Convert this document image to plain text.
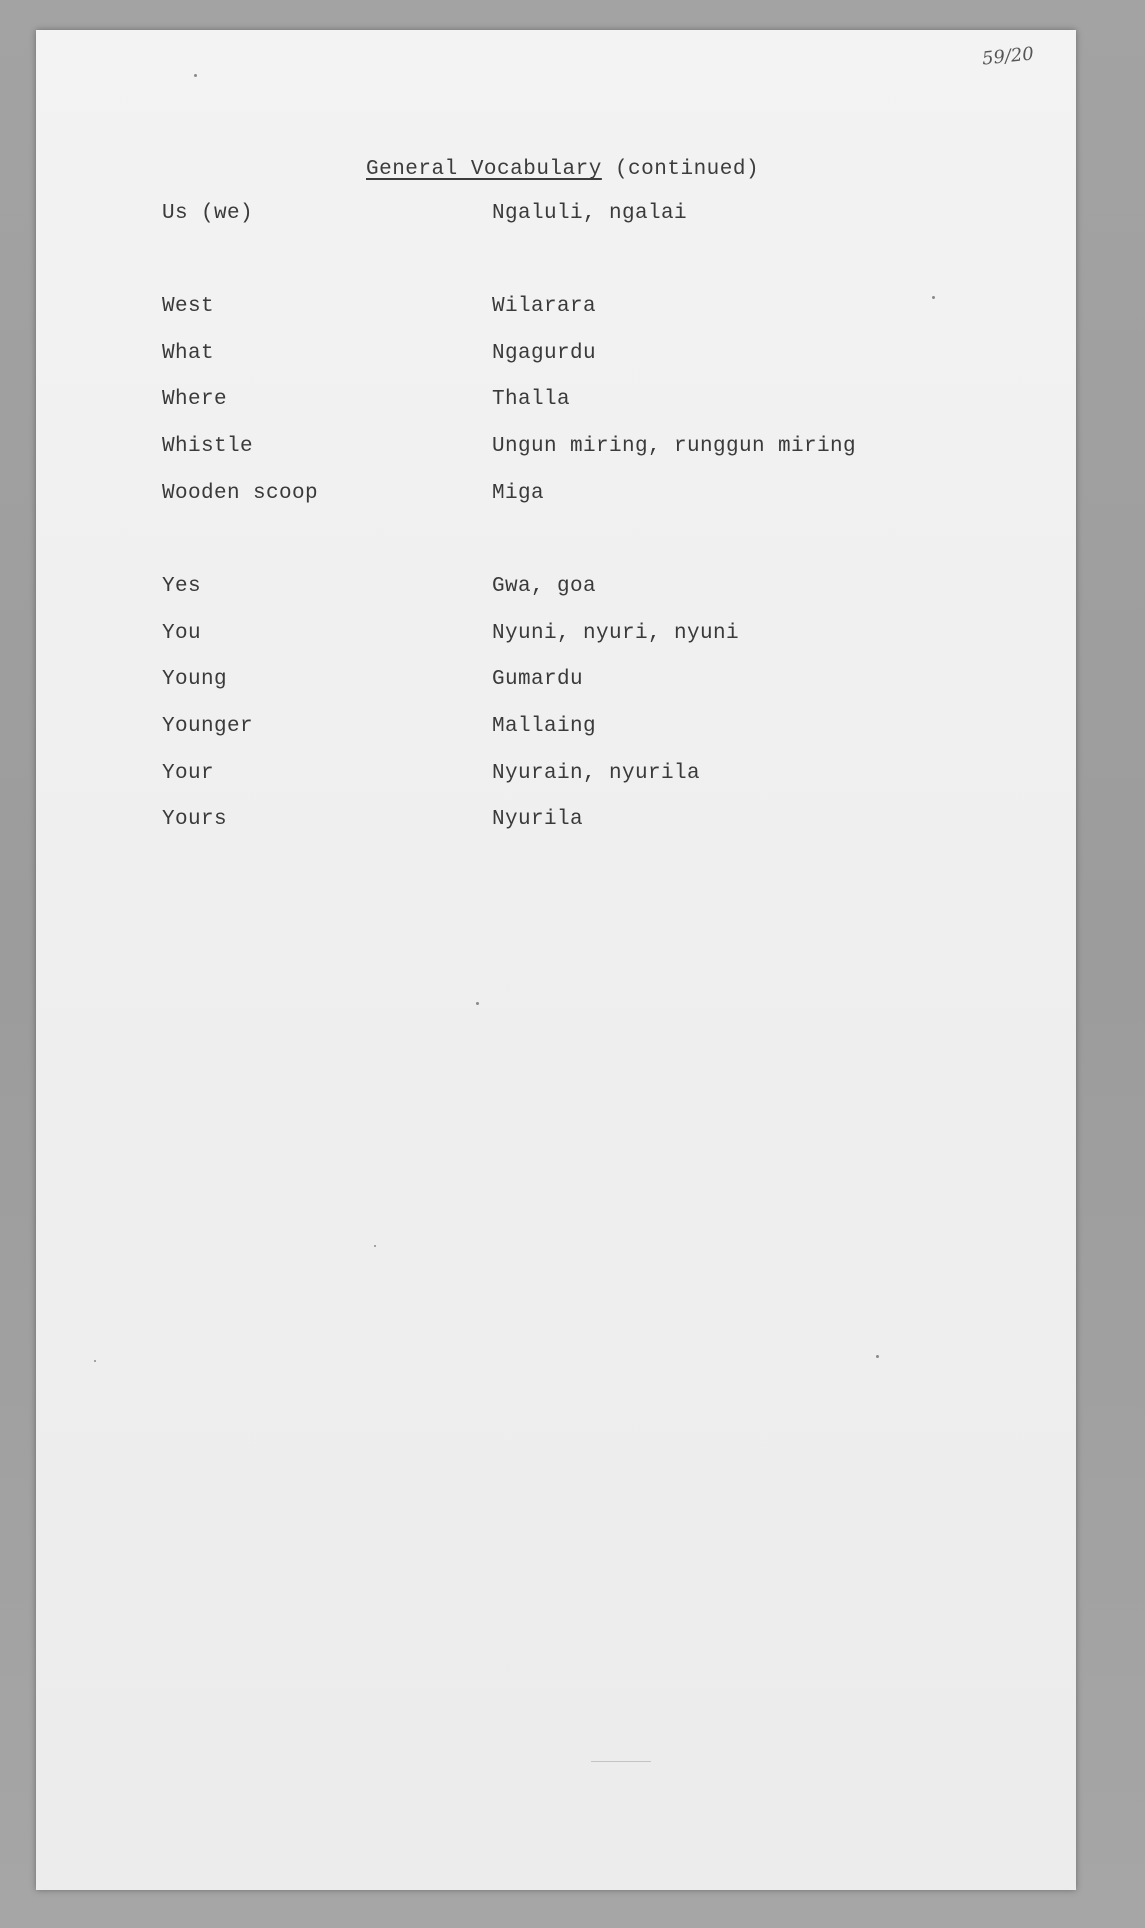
59/20
General Vocabulary (continued)
Us (we)	Ngaluli, ngalai
West	Wilarara
What	Ngagurdu
Where	Thalla
Whistle	Ungun miring, runggun miring
Wooden scoop	Miga
Yes	Gwa, goa
You	Nyuni, nyuri, nyuni
Young	Gumardu
Younger	Mallaing
Your	Nyurain, nyurila
Yours	Nyurila
